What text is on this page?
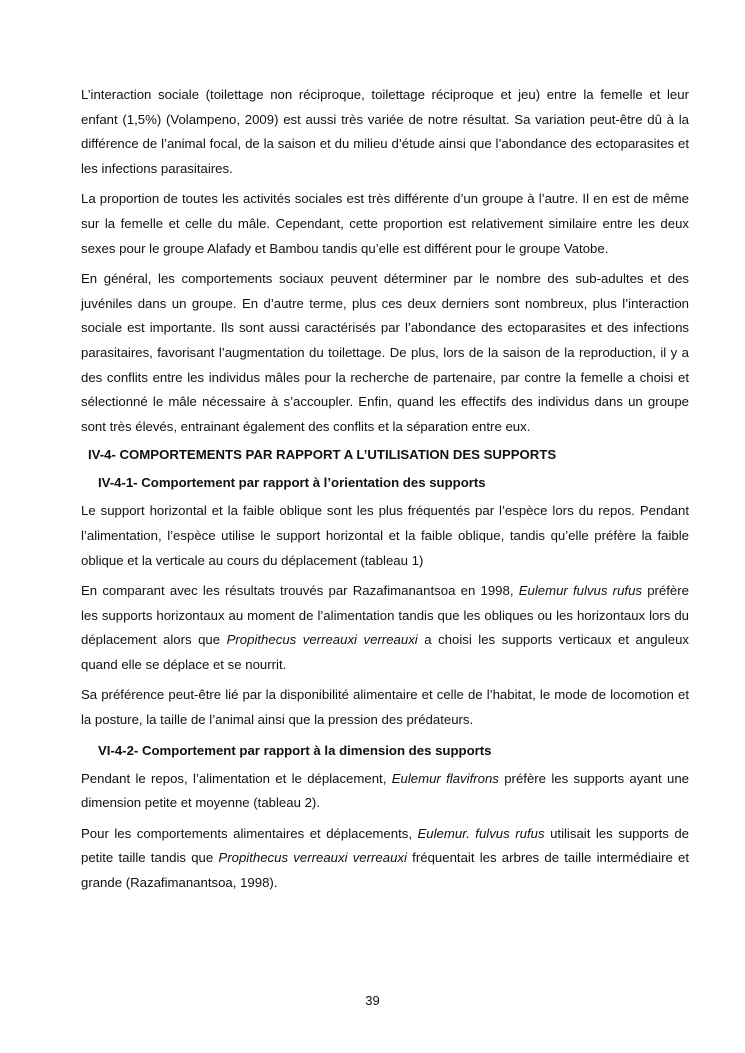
L’interaction sociale (toilettage non réciproque, toilettage réciproque et jeu) entre la femelle et leur enfant (1,5%) (Volampeno, 2009) est aussi très variée de notre résultat. Sa variation peut-être dû à la différence de l’animal focal, de la saison et du milieu d’étude ainsi que l’abondance des ectoparasites et les infections parasitaires.

La proportion de toutes les activités sociales est très différente d’un groupe à l’autre. Il en est de même sur la femelle et celle du mâle. Cependant, cette proportion est relativement similaire entre les deux sexes pour le groupe Alafady et Bambou tandis qu’elle est différent pour le groupe Vatobe.

En général, les comportements sociaux peuvent déterminer par le nombre des sub-adultes et des juvéniles dans un groupe. En d’autre terme, plus ces deux derniers sont nombreux, plus l’interaction sociale est importante. Ils sont aussi caractérisés par l’abondance des ectoparasites et des infections parasitaires, favorisant l’augmentation du toilettage. De plus, lors de la saison de la reproduction, il y a des conflits entre les individus mâles pour la recherche de partenaire, par contre la femelle a choisi et sélectionné le mâle nécessaire à s’accoupler. Enfin, quand les effectifs des individus dans un groupe sont très élevés, entrainant également des conflits et la séparation entre eux.

IV-4- COMPORTEMENTS PAR RAPPORT A L’UTILISATION DES SUPPORTS
IV-4-1- Comportement par rapport à l’orientation des supports

Le support horizontal et la faible oblique sont les plus fréquentés par l’espèce lors du repos. Pendant l’alimentation, l’espèce utilise le support horizontal et la faible oblique, tandis qu’elle préfère la faible oblique et la verticale au cours du déplacement (tableau 1)

En comparant avec les résultats trouvés par Razafimanantsoa en 1998, Eulemur fulvus rufus préfère les supports horizontaux au moment de l’alimentation tandis que les obliques ou les horizontaux lors du déplacement alors que Propithecus verreauxi verreauxi a choisi les supports verticaux et anguleux quand elle se déplace et se nourrit.

Sa préférence peut-être lié par la disponibilité alimentaire et celle de l’habitat, le mode de locomotion et la posture, la taille de l’animal ainsi que la pression des prédateurs.

VI-4-2- Comportement par rapport à la dimension des supports

Pendant le repos, l’alimentation et le déplacement, Eulemur flavifrons préfère les supports ayant une dimension petite et moyenne (tableau 2).

Pour les comportements alimentaires et déplacements, Eulemur. fulvus rufus utilisait les supports de petite taille tandis que Propithecus verreauxi verreauxi fréquentait les arbres de taille intermédiaire et grande (Razafimanantsoa, 1998).

39
